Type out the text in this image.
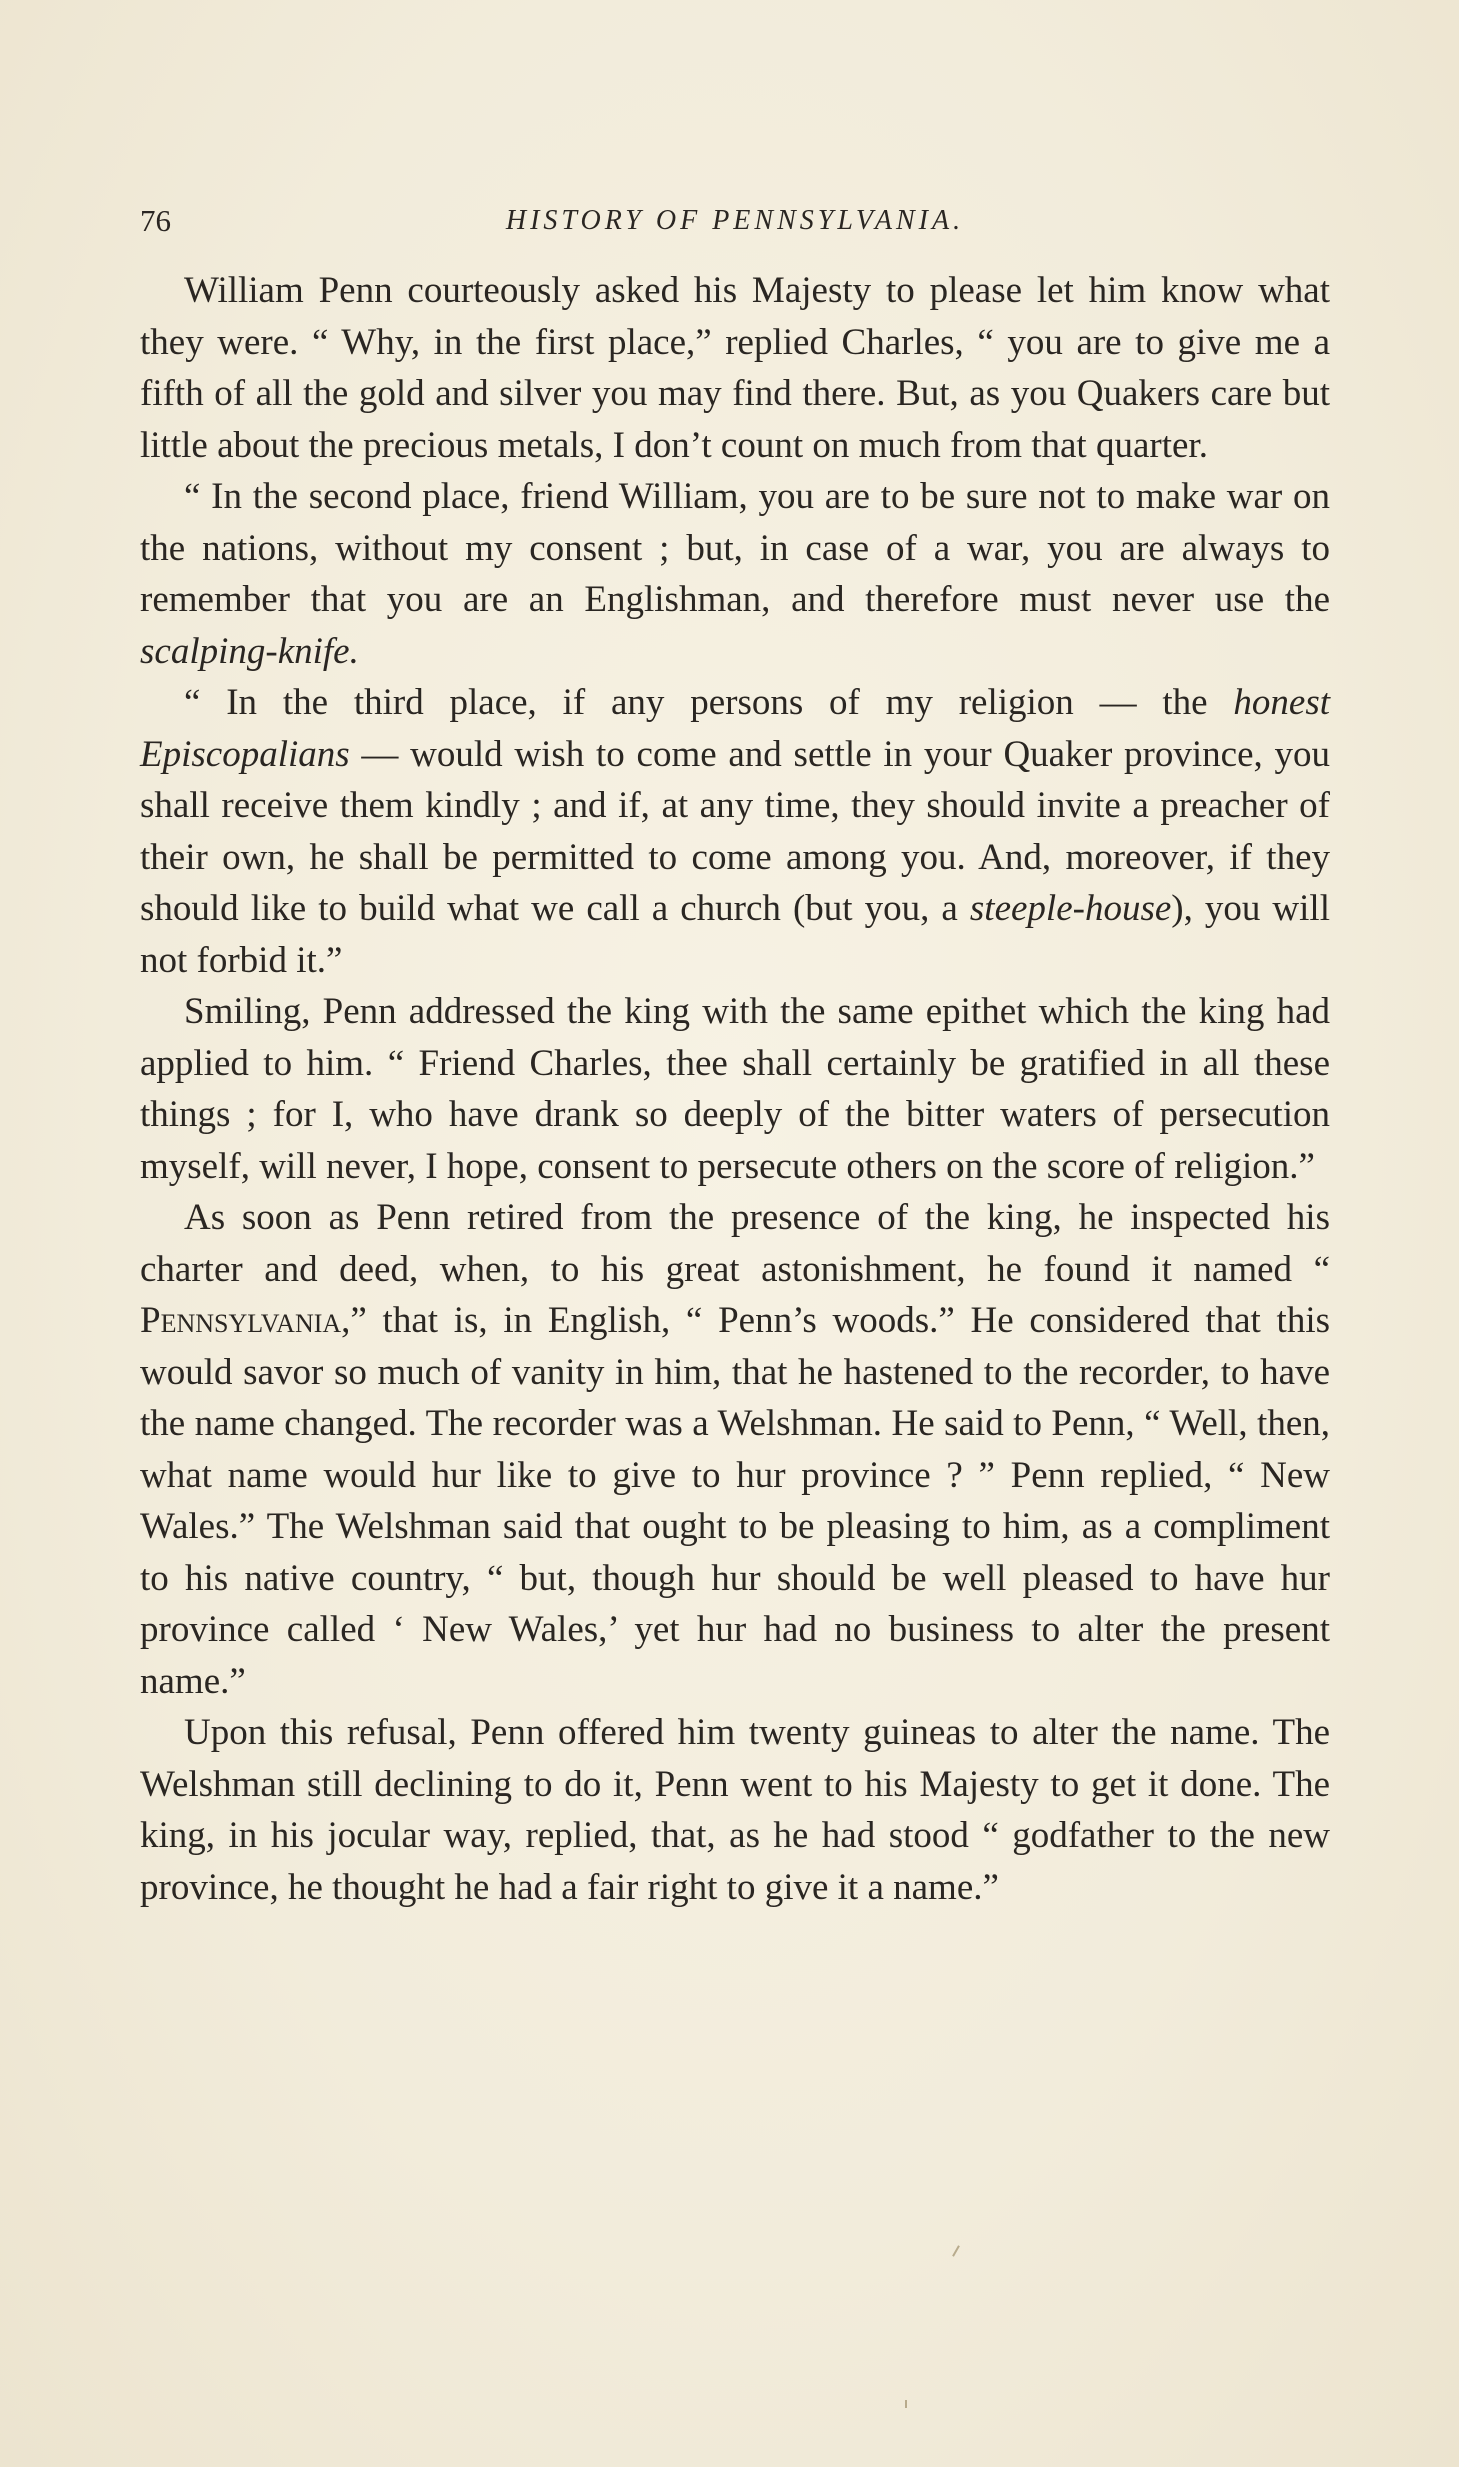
76	HISTORY OF PENNSYLVANIA.

William Penn courteously asked his Majesty to please let him know what they were. “ Why, in the first place,” replied Charles, “ you are to give me a fifth of all the gold and silver you may find there. But, as you Quakers care but little about the precious metals, I don’t count on much from that quarter.

“ In the second place, friend William, you are to be sure not to make war on the nations, without my consent ; but, in case of a war, you are always to remember that you are an Englishman, and therefore must never use the scalping-knife.

“ In the third place, if any persons of my religion — the honest Episcopalians — would wish to come and settle in your Quaker province, you shall receive them kindly ; and if, at any time, they should invite a preacher of their own, he shall be permitted to come among you. And, moreover, if they should like to build what we call a church (but you, a steeple-house), you will not forbid it.”

Smiling, Penn addressed the king with the same epithet which the king had applied to him. “ Friend Charles, thee shall certainly be gratified in all these things ; for I, who have drank so deeply of the bitter waters of persecution myself, will never, I hope, consent to persecute others on the score of religion.”

As soon as Penn retired from the presence of the king, he inspected his charter and deed, when, to his great astonishment, he found it named “ Pennsylvania,” that is, in English, “ Penn’s woods.” He considered that this would savor so much of vanity in him, that he hastened to the recorder, to have the name changed. The recorder was a Welshman. He said to Penn, “ Well, then, what name would hur like to give to hur province ? ” Penn replied, “ New Wales.” The Welshman said that ought to be pleasing to him, as a compliment to his native country, “ but, though hur should be well pleased to have hur province called ‘ New Wales,’ yet hur had no business to alter the present name.”

Upon this refusal, Penn offered him twenty guineas to alter the name. The Welshman still declining to do it, Penn went to his Majesty to get it done. The king, in his jocular way, replied, that, as he had stood “ godfather to the new province, he thought he had a fair right to give it a name.”
